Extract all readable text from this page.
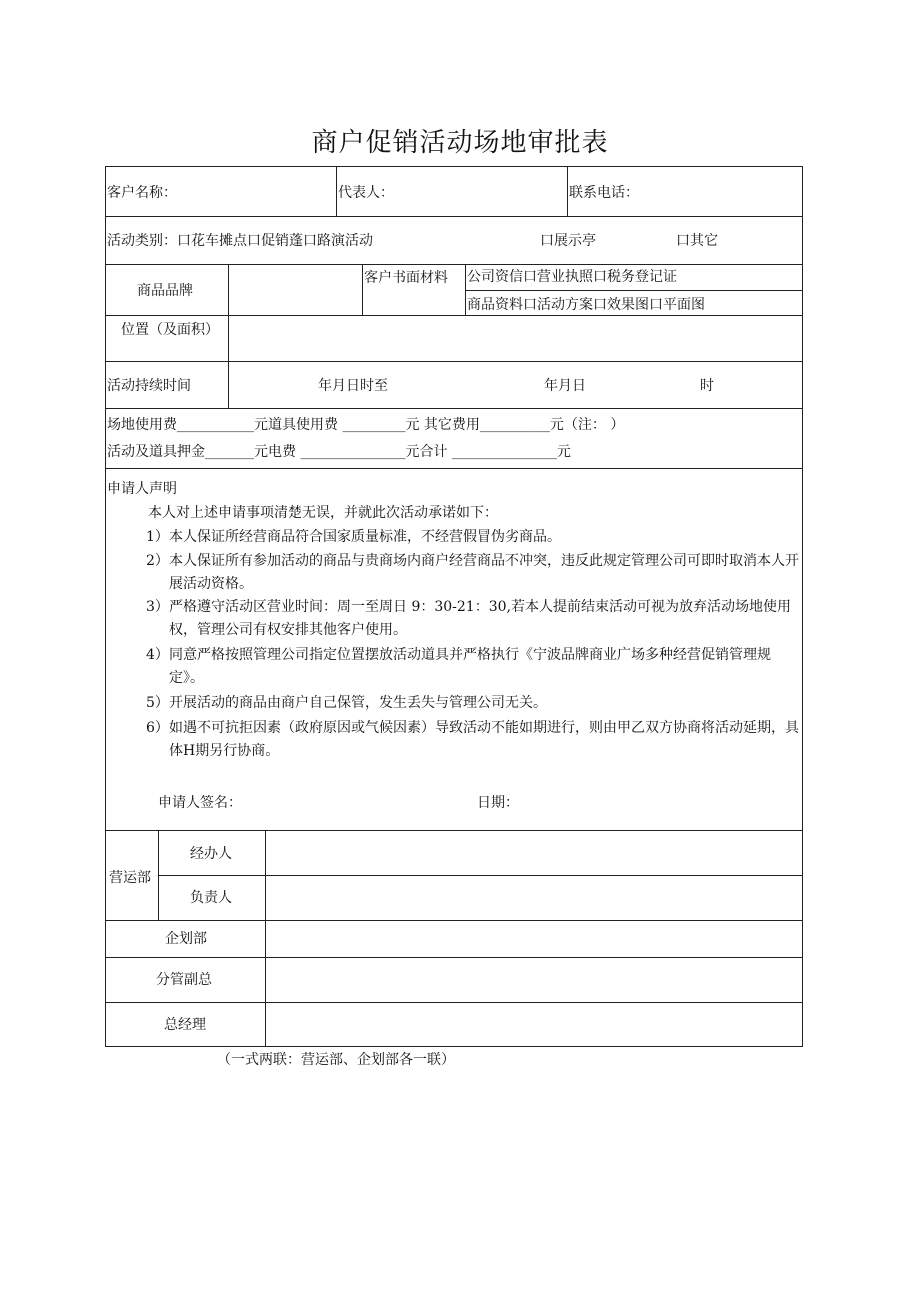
商户促销活动场地审批表
客户名称：	代表人：	联系电话：
活动类别：口花车摊点口促销蓬口路演活动	口展示亭	口其它
商品品牌
客户书面材料 公司资信口营业执照口税务登记证
商品资料口活动方案口效果图口平面图
位置（及面积）
活动持续时间	年月日时至	年月日	时
场地使用费___________元道具使用费 _________元 其它费用__________元（注： ）
活动及道具押金_______元电费 _______________元合计 _______________元
申请人声明
本人对上述申请事项清楚无误，并就此次活动承诺如下：
1） 本人保证所经营商品符合国家质量标准，不经营假冒伪劣商品。
2） 本人保证所有参加活动的商品与贵商场内商户经营商品不冲突，违反此规定管理公司可即时取消本人开展活动资格。
3） 严格遵守活动区营业时间：周一至周日 9：30-21：30,若本人提前结束活动可视为放弃活动场地使用权，管理公司有权安排其他客户使用。
4） 同意严格按照管理公司指定位置摆放活动道具并严格执行《宁波品牌商业广场多种经营促销管理规定》。
5） 开展活动的商品由商户自己保管，发生丢失与管理公司无关。
6） 如遇不可抗拒因素（政府原因或气候因素）导致活动不能如期进行，则由甲乙双方协商将活动延期，具体H期另行协商。
申请人签名：	日期：
营运部
经办人
负责人
企划部
分管副总
总经理
（一式两联：营运部、企划部各一联）
